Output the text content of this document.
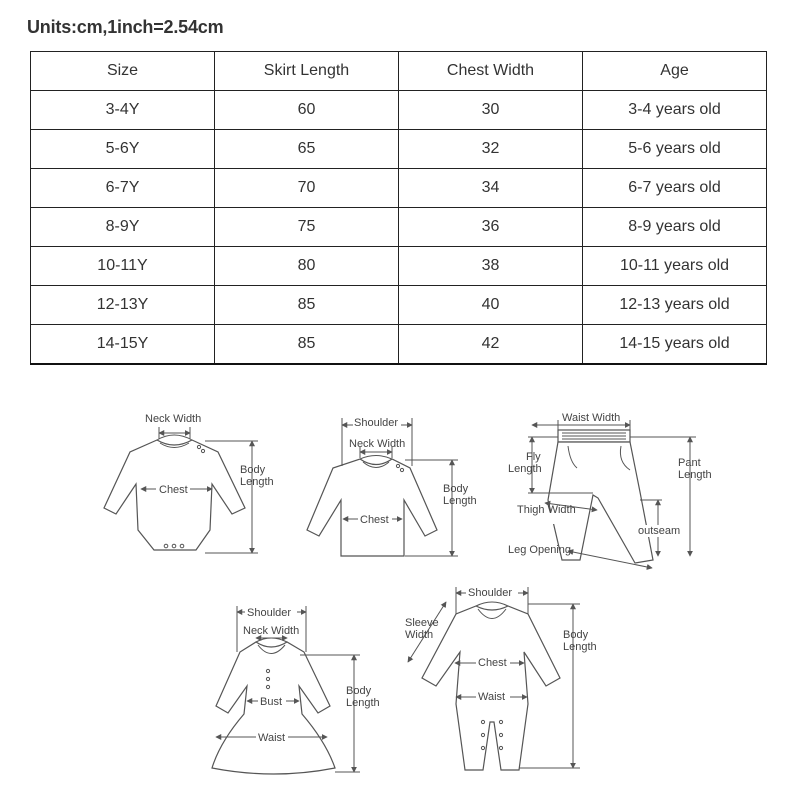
Units:cm,1inch=2.54cm
Size	Skirt Length	Chest Width	Age
3-4Y	60	30	3-4 years old
5-6Y	65	32	5-6 years old
6-7Y	70	34	6-7 years old
8-9Y	75	36	8-9 years old
10-11Y	80	38	10-11 years old
12-13Y	85	40	12-13 years old
14-15Y	85	42	14-15 years old
Neck Width
Chest
Body
Length
Shoulder
Neck Width
Chest
Body
Length
Waist Width
Fly
Length	Pant
Length
Thigh Width
outseam
Leg Opening
Shoulder
Neck Width
Bust
Waist
Body
Length
Shoulder
Sleeve
Width
Chest
Waist
Body
Length
